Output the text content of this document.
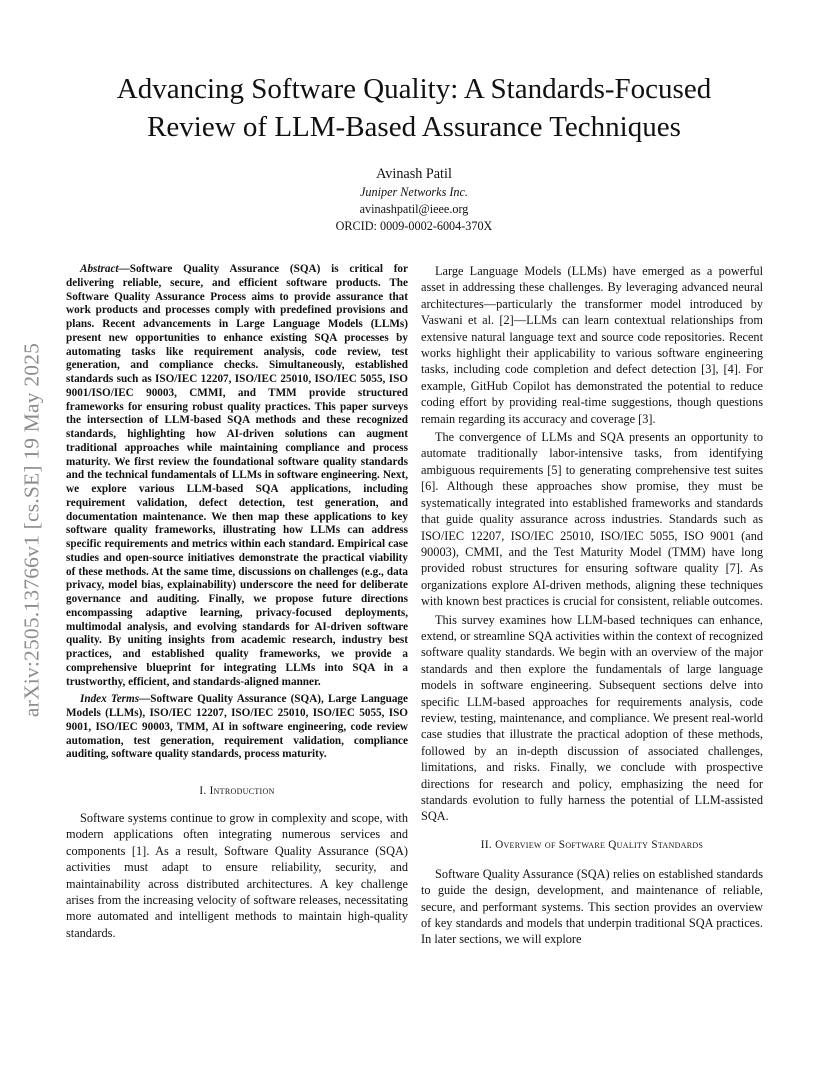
arXiv:2505.13766v1 [cs.SE] 19 May 2025
Advancing Software Quality: A Standards-Focused
Review of LLM-Based Assurance Techniques
Avinash Patil
Juniper Networks Inc.
avinashpatil@ieee.org
ORCID: 0009-0002-6004-370X

Abstract—Software Quality Assurance (SQA) is critical for delivering reliable, secure, and efficient software products. The Software Quality Assurance Process aims to provide assurance that work products and processes comply with predefined provisions and plans. Recent advancements in Large Language Models (LLMs) present new opportunities to enhance existing SQA processes by automating tasks like requirement analysis, code review, test generation, and compliance checks. Simultaneously, established standards such as ISO/IEC 12207, ISO/IEC 25010, ISO/IEC 5055, ISO 9001/ISO/IEC 90003, CMMI, and TMM provide structured frameworks for ensuring robust quality practices. This paper surveys the intersection of LLM-based SQA methods and these recognized standards, highlighting how AI-driven solutions can augment traditional approaches while maintaining compliance and process maturity. We first review the foundational software quality standards and the technical fundamentals of LLMs in software engineering. Next, we explore various LLM-based SQA applications, including requirement validation, defect detection, test generation, and documentation maintenance. We then map these applications to key software quality frameworks, illustrating how LLMs can address specific requirements and metrics within each standard. Empirical case studies and open-source initiatives demonstrate the practical viability of these methods. At the same time, discussions on challenges (e.g., data privacy, model bias, explainability) underscore the need for deliberate governance and auditing. Finally, we propose future directions encompassing adaptive learning, privacy-focused deployments, multimodal analysis, and evolving standards for AI-driven software quality. By uniting insights from academic research, industry best practices, and established quality frameworks, we provide a comprehensive blueprint for integrating LLMs into SQA in a trustworthy, efficient, and standards-aligned manner.

Index Terms—Software Quality Assurance (SQA), Large Language Models (LLMs), ISO/IEC 12207, ISO/IEC 25010, ISO/IEC 5055, ISO 9001, ISO/IEC 90003, TMM, AI in software engineering, code review automation, test generation, requirement validation, compliance auditing, software quality standards, process maturity.

I. Introduction

Software systems continue to grow in complexity and scope, with modern applications often integrating numerous services and components [1]. As a result, Software Quality Assurance (SQA) activities must adapt to ensure reliability, security, and maintainability across distributed architectures. A key challenge arises from the increasing velocity of software releases, necessitating more automated and intelligent methods to maintain high-quality standards.

Large Language Models (LLMs) have emerged as a powerful asset in addressing these challenges. By leveraging advanced neural architectures—particularly the transformer model introduced by Vaswani et al. [2]—LLMs can learn contextual relationships from extensive natural language text and source code repositories. Recent works highlight their applicability to various software engineering tasks, including code completion and defect detection [3], [4]. For example, GitHub Copilot has demonstrated the potential to reduce coding effort by providing real-time suggestions, though questions remain regarding its accuracy and coverage [3].

The convergence of LLMs and SQA presents an opportunity to automate traditionally labor-intensive tasks, from identifying ambiguous requirements [5] to generating comprehensive test suites [6]. Although these approaches show promise, they must be systematically integrated into established frameworks and standards that guide quality assurance across industries. Standards such as ISO/IEC 12207, ISO/IEC 25010, ISO/IEC 5055, ISO 9001 (and 90003), CMMI, and the Test Maturity Model (TMM) have long provided robust structures for ensuring software quality [7]. As organizations explore AI-driven methods, aligning these techniques with known best practices is crucial for consistent, reliable outcomes.

This survey examines how LLM-based techniques can enhance, extend, or streamline SQA activities within the context of recognized software quality standards. We begin with an overview of the major standards and then explore the fundamentals of large language models in software engineering. Subsequent sections delve into specific LLM-based approaches for requirements analysis, code review, testing, maintenance, and compliance. We present real-world case studies that illustrate the practical adoption of these methods, followed by an in-depth discussion of associated challenges, limitations, and risks. Finally, we conclude with prospective directions for research and policy, emphasizing the need for standards evolution to fully harness the potential of LLM-assisted SQA.

II. Overview of Software Quality Standards

Software Quality Assurance (SQA) relies on established standards to guide the design, development, and maintenance of reliable, secure, and performant systems. This section provides an overview of key standards and models that underpin traditional SQA practices. In later sections, we will explore
